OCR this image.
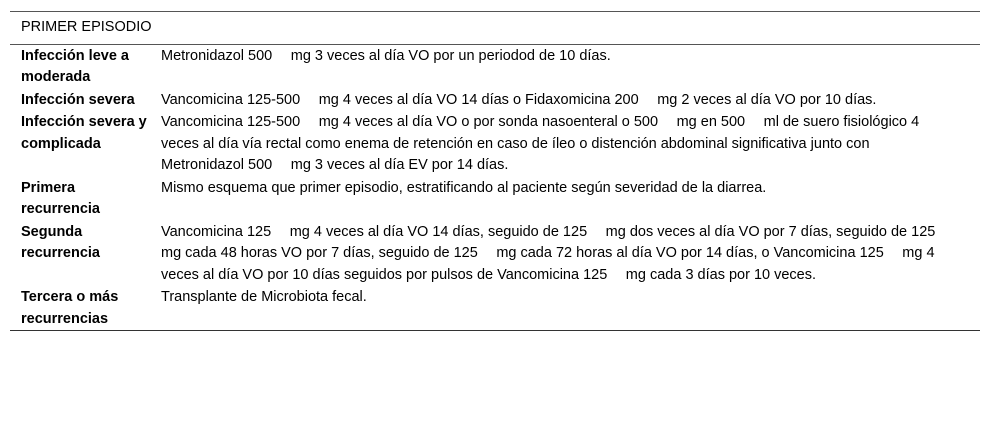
PRIMER EPISODIO	
Infección leve a moderada	Metronidazol 500  mg 3 veces al día VO por un periodod de 10 días.
Infección severa	Vancomicina 125-500  mg 4 veces al día VO 14 días o Fidaxomicina 200  mg 2 veces al día VO por 10 días.
Infección severa y complicada	Vancomicina 125-500  mg 4 veces al día VO o por sonda nasoenteral o 500  mg en 500  ml de suero fisiológico 4 veces al día vía rectal como enema de retención en caso de íleo o distención abdominal significativa junto con Metronidazol 500  mg 3 veces al día EV por 14 días.
Primera recurrencia	Mismo esquema que primer episodio, estratificando al paciente según severidad de la diarrea.
Segunda recurrencia	Vancomicina 125  mg 4 veces al día VO 14 días, seguido de 125  mg dos veces al día VO por 7 días, seguido de 125  mg cada 48 horas VO por 7 días, seguido de 125  mg cada 72 horas al día VO por 14 días, o Vancomicina 125  mg 4 veces al día VO por 10 días seguidos por pulsos de Vancomicina 125  mg cada 3 días por 10 veces.
Tercera o más recurrencias	Transplante de Microbiota fecal.
